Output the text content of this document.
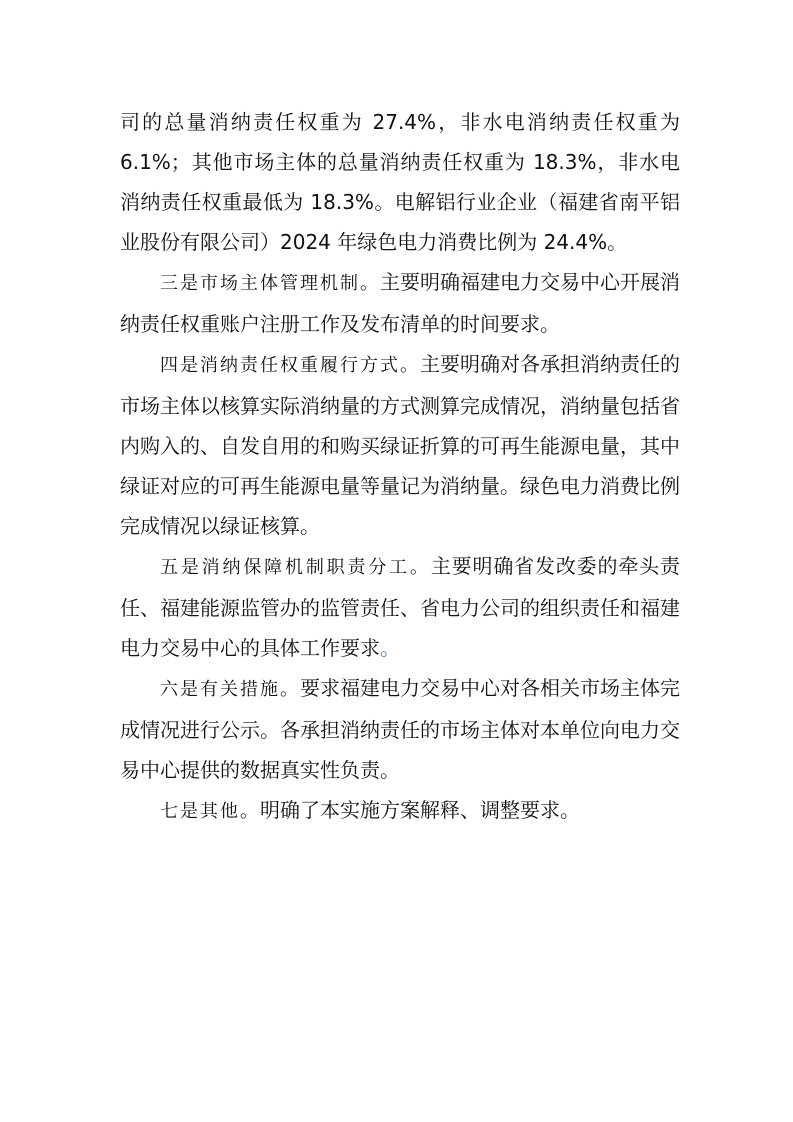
司的总量消纳责任权重为 27.4%，非水电消纳责任权重为 6.1%；其他市场主体的总量消纳责任权重为 18.3%，非水电消纳责任权重最低为 18.3%。电解铝行业企业（福建省南平铝业股份有限公司）2024 年绿色电力消费比例为 24.4%。

三是市场主体管理机制。主要明确福建电力交易中心开展消纳责任权重账户注册工作及发布清单的时间要求。

四是消纳责任权重履行方式。主要明确对各承担消纳责任的市场主体以核算实际消纳量的方式测算完成情况，消纳量包括省内购入的、自发自用的和购买绿证折算的可再生能源电量，其中绿证对应的可再生能源电量等量记为消纳量。绿色电力消费比例完成情况以绿证核算。

五是消纳保障机制职责分工。主要明确省发改委的牵头责任、福建能源监管办的监管责任、省电力公司的组织责任和福建电力交易中心的具体工作要求。

六是有关措施。要求福建电力交易中心对各相关市场主体完成情况进行公示。各承担消纳责任的市场主体对本单位向电力交易中心提供的数据真实性负责。

七是其他。明确了本实施方案解释、调整要求。
